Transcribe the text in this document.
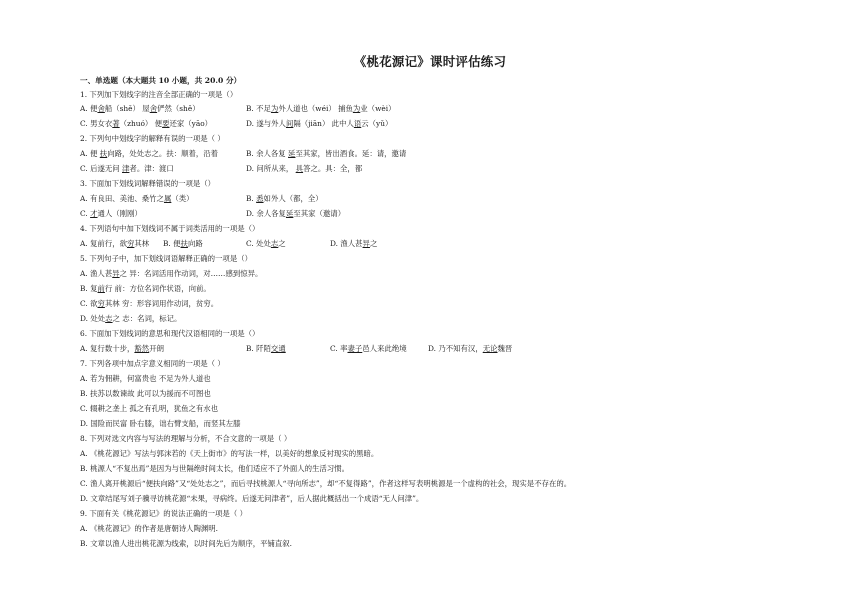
《桃花源记》课时评估练习
一、单选题（本大题共 10 小题，共 20.0 分）
1. 下列加下划线字的注音全部正确的一项是（）
A. 便舍船（shě） 屋舍俨然（shě）	B. 不足为外人道也（wéi） 捕鱼为业（wèi）
C. 男女衣著（zhuó） 便要还家（yāo）	D. 遂与外人间隔（jiān） 此中人语云（yǔ）
2. 下列句中划线字的解释有误的一项是（ ）
A. 便 扶向路，处处志之。扶：顺着，沿着	B. 余人各复 延至其家，皆出酒食。延：请，邀请
C. 后遂无问 津者。津：渡口	D. 问所从来， 具答之。具：全，都
3. 下面加下划线词解释错误的一项是（）
A. 有良田、美池、桑竹之属（类）	B. 悉如外人（都，全）
C. 才通人（刚刚）	D. 余人各复延至其家（邀请）
4. 下列语句中加下划线词不属于词类活用的一项是（）
A. 复前行，欲穷其林 B. 便扶向路	C. 处处志之	D. 渔人甚异之
5. 下列句子中，加下划线词语解释正确的一项是（）
A. 渔人甚异之 异：名词活用作动词，对……感到惊异。
B. 复前行 前：方位名词作状语，向前。
C. 欲穷其林 穷：形容词用作动词，贫穷。
D. 处处志之 志：名词，标记。
6. 下面加下划线词的意思和现代汉语相同的一项是（）
A. 复行数十步，豁然开朗	B. 阡陌交通	C. 率妻子邑人来此绝境	D. 乃不知有汉，无论魏晋
7. 下列各项中加点字意义相同的一项是（ ）
A. 若为佣耕，何富贵也 不足为外人道也
B. 扶苏以数谏故 此可以为援而不可图也
C. 辍耕之垄上 孤之有孔明，犹鱼之有水也
D. 国险而民富 卧右膝，诎右臂支船，而竖其左膝
8. 下列对选文内容与写法的理解与分析，不合文意的一项是（ ）
A. 《桃花源记》写法与郭沫若的《天上街市》的写法一样，以美好的想象反衬现实的黑暗。
B. 桃源人“不复出焉”是因为与世隔绝时间太长，他们适应不了外面人的生活习惯。
C. 渔人离开桃源后“便扶向路”又“处处志之”，而后寻找桃源人“寻向所志”，却“不复得路”，作者这样写表明桃源是一个虚构的社会，现实是不存在的。
D. 文章结尾写刘子骥寻访桃花源“未果，寻病终。后遂无问津者”，后人据此概括出一个成语“无人问津”。
9. 下面有关《桃花源记》的说法正确的一项是（ ）
A. 《桃花源记》的作者是唐朝诗人陶渊明.
B. 文章以渔人进出桃花源为线索，以时间先后为顺序，平铺直叙.
